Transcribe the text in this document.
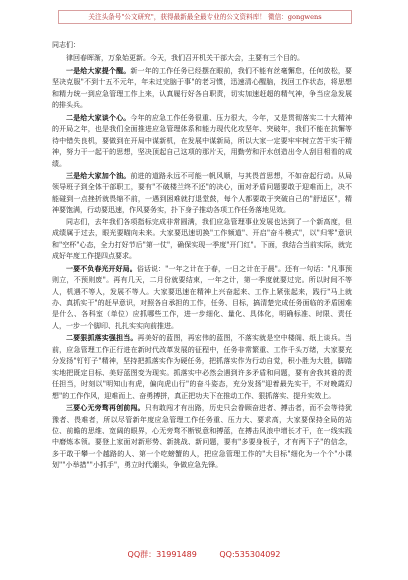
关注头条号"公文研究"，获得最新最全最专业的公文资料库！ 微信：gongwens

同志们：

律回春晖渐，万象始更新。今天，我们召开机关干部大会，主要有三个目的。

一是给大家提个醒。新一年的工作任务已经摆在眼前，我们不能有丝毫懈怠，任何放松，要坚决克服"不到十五不元年，年未过完脑于事"的老习惯，迅速清心醒脑，找回工作状态，将思想和精力统一到应急管理工作上来，认真履行好各自职责，切实加速赶超的精气神，争当应急发展的排头兵。

二是给大家谈个心。今年的应急工作任务很重、压力很大，今年，又是贯彻落实二十大精神的开局之年，也是我们全面推进应急管理体系和能力现代化攻坚年、突破年，我们不能在抗懈等待中错失良机，要做到在开局中谋新机，在发展中谋新局，所以大家一定要牢牢树立苦干实干精神，努力干一起干的思想，坚决顶起自己这项的那片天，用勤劳和汗水创造出令人刮目相看的成绩。

三是给大家加个油。前进的道路永远不可能一帆风顺，与其畏首思想，不如奋起行动。从局领导班子到全体干部职工，要有"不破楼兰终不还"的决心，面对矛盾问题要敢于迎难而上，决不能碰到一点挫折就畏缩不前，一遇到困难就打退堂鼓，每个人都要敢于突破自己的"舒适区"，精神要饱满，行动要迅速，作风要务实，扑下身子推动各项工作任务落地见效。

同志们，去年我们各项指标完成非常圆满，我们应急管理事业发展也达到了一个新高度，但成绩属于过去，眼光要瞄向未来。大家要迅速切换"工作频道"、开启"奋斗模式"，以"归零"意识和"空杯"心态，全力打好节后"第一仗"，确保实现一季度"开门红"。下面，我结合当前实际，就完成好年度工作提四点要求。

一要不负春光开好局。俗话说："一年之计在于春，一日之计在于晨"。还有一句话："凡事预则立，不预则废"。再有几天，二月份就要结束，一年之计，第一季度就要过完。所以时间不等人，机遇不等人，发展不等人。大家要迅速在精神上兴奋起来、工作上紧张起来，践行"马上就办、真抓实干"的赶早意识，对照各自承担的工作，任务、目标，搞清楚完成任务面临的矛盾困难是什么、各科室（单位）应抓哪些工作，进一步细化、量化、具体化，明确标准、时限、责任人，一步一个脚印、扎扎实实向前推进。

二要狠抓落实强担当。再美好的蓝图，再宏伟的蓝图，不落实就是空中楼阁、纸上谈兵。当前，应急管理工作正行进在新时代改革发展的征程中，任务非常繁重、工作千头万绪，大家要充分发扬"钉钉子"精神，坚持把抓落实作为硬任务，把抓落实作为行动自觉，积小胜为大胜，脚踏实地把既定目标、美好蓝图变为现实。抓落实中必然会遇到许多矛盾和问题，要有舍我其谁的责任担当，时刻以"明知山有虎，偏向虎山行"的奋斗姿态，充分发扬"迎着最先实干，不对晚霞幻想"的工作作风，迎难而上、奋勇搏拼，真正把功夫下在推动工作、狠抓落实、提升实效上。

三要心无旁骛再创前闯。只有敢闯才有出路，历史只会眷顾奋进者、搏击者，而不会等待犹豫者、畏难者，所以尽管新年度应急管理工作任务重、压力大、要求高，大家要保持全局的站位、前瞻的思维、宽阔的眼界，心无旁骛不断锐意和搏蓝，在搏击风浪中增长才干，在一线实践中磨炼本领。要登上家面对新形势、新挑战、新问题，要有"多要身板子，才有两下子"的信念，多干敢干攀一个越路的人、第一个吃螃蟹的人，把应急管理工作的"大目标"细化为一个个"小课划""小举措""小抓手"，勇立时代潮头，争做应急先锋。

QQ群：31991489	QQ:535304092
